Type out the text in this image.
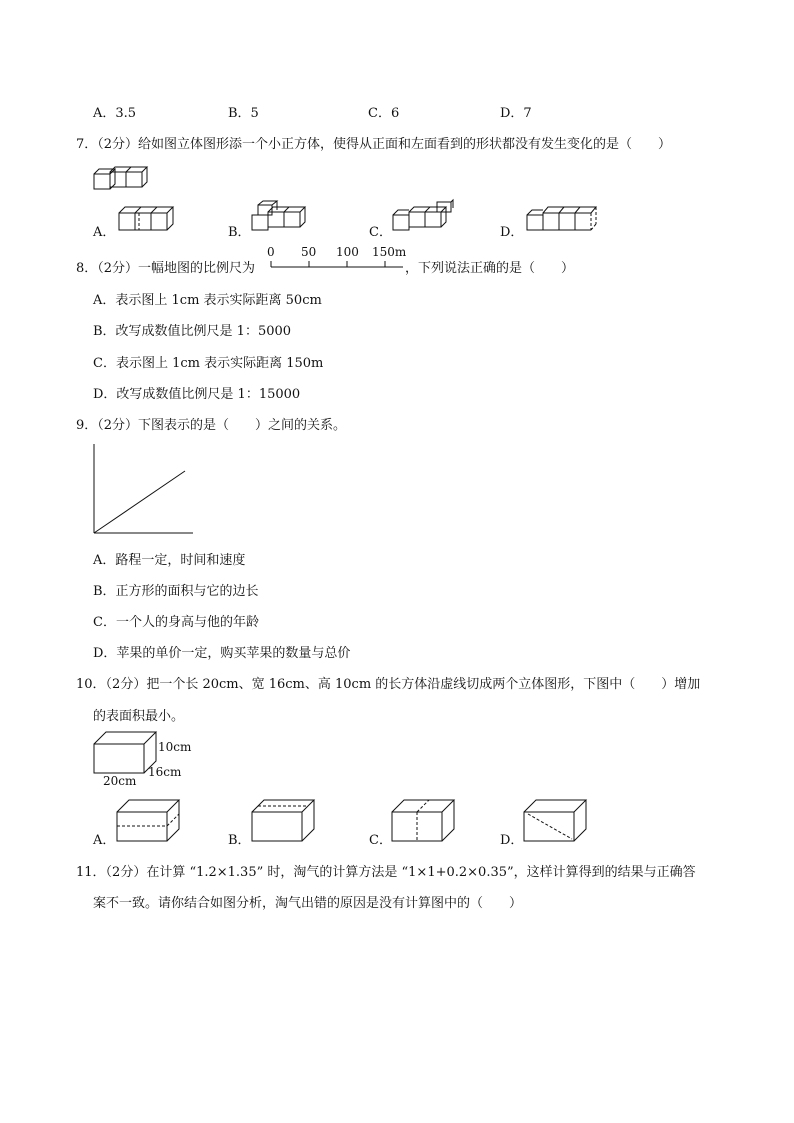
A．3.5	B．5	C．6	D．7
7．（2分）给如图立体图形添一个小正方体，使得从正面和左面看到的形状都没有发生变化的是（　　）
A．	B．	C．	D．
8．（2分）一幅地图的比例尺为
0 50 100 150m
，下列说法正确的是（　　）
A．表示图上 1cm 表示实际距离 50cm
B．改写成数值比例尺是 1：5000
C．表示图上 1cm 表示实际距离 150m
D．改写成数值比例尺是 1：15000
9．（2分）下图表示的是（　　）之间的关系。
A．路程一定，时间和速度
B．正方形的面积与它的边长
C．一个人的身高与他的年龄
D．苹果的单价一定，购买苹果的数量与总价
10．（2分）把一个长 20cm、宽 16cm、高 10cm 的长方体沿虚线切成两个立体图形，下图中（　　）增加
的表面积最小。
10cm
16cm
20cm
A．	B．	C．	D．
11．（2分）在计算 “1.2×1.35” 时，淘气的计算方法是 “1×1+0.2×0.35”，这样计算得到的结果与正确答
案不一致。请你结合如图分析，淘气出错的原因是没有计算图中的（　　）
